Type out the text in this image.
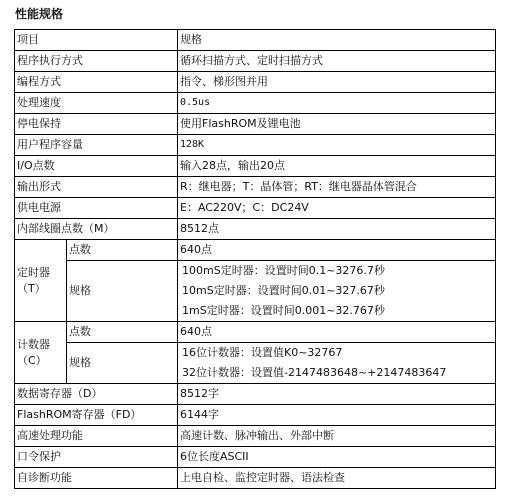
性能规格
项目		规格
程序执行方式		循环扫描方式、定时扫描方式
编程方式		指令、梯形图并用
处理速度		0.5us
停电保持		使用FlashROM及锂电池
用户程序容量		128K
I/O点数		输入28点，输出20点
输出形式		R：继电器；T：晶体管；RT：继电器晶体管混合
供电电源		E：AC220V；C：DC24V
内部线圈点数（M）		8512点

定时器
（T）	点数	640点
	规格	100mS定时器：设置时间0.1~3276.7秒
10mS定时器：设置时间0.01~327.67秒
1mS定时器：设置时间0.001~32.767秒

计数器
（C）	点数	640点
	规格	16位计数器：设置值K0~32767
32位计数器：设置值-2147483648~+2147483647

数据寄存器（D）		8512字
FlashROM寄存器（FD）		6144字
高速处理功能		高速计数、脉冲输出、外部中断
口令保护		6位长度ASCII
自诊断功能		上电自检、监控定时器、语法检查
